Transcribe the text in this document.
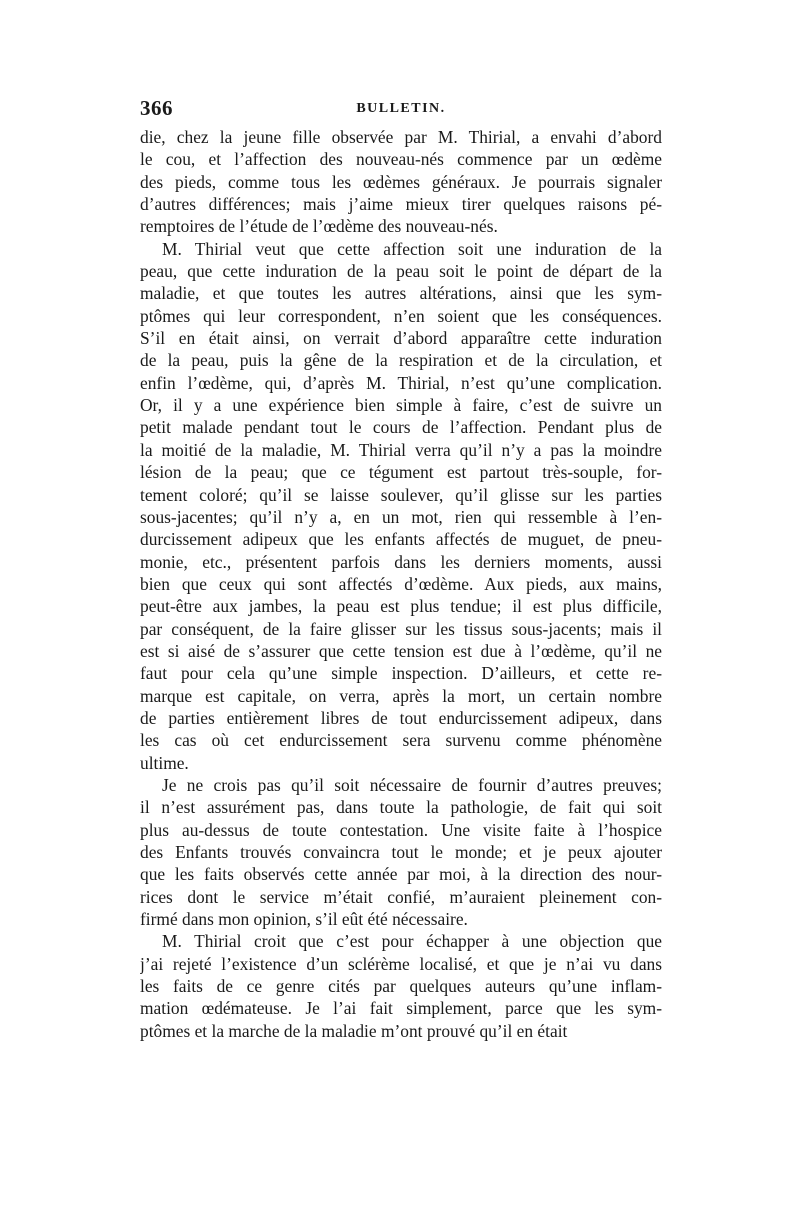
366	BULLETIN.
die, chez la jeune fille observée par M. Thirial, a envahi d’abord
le cou, et l’affection des nouveau-nés commence par un œdème
des pieds, comme tous les œdèmes généraux. Je pourrais signaler
d’autres différences; mais j’aime mieux tirer quelques raisons pé-
remptoires de l’étude de l’œdème des nouveau-nés.
M. Thirial veut que cette affection soit une induration de la
peau, que cette induration de la peau soit le point de départ de la
maladie, et que toutes les autres altérations, ainsi que les sym-
ptômes qui leur correspondent, n’en soient que les conséquences.
S’il en était ainsi, on verrait d’abord apparaître cette induration
de la peau, puis la gêne de la respiration et de la circulation, et
enfin l’œdème, qui, d’après M. Thirial, n’est qu’une complication.
Or, il y a une expérience bien simple à faire, c’est de suivre un
petit malade pendant tout le cours de l’affection. Pendant plus de
la moitié de la maladie, M. Thirial verra qu’il n’y a pas la moindre
lésion de la peau; que ce tégument est partout très-souple, for-
tement coloré; qu’il se laisse soulever, qu’il glisse sur les parties
sous-jacentes; qu’il n’y a, en un mot, rien qui ressemble à l’en-
durcissement adipeux que les enfants affectés de muguet, de pneu-
monie, etc., présentent parfois dans les derniers moments, aussi
bien que ceux qui sont affectés d’œdème. Aux pieds, aux mains,
peut-être aux jambes, la peau est plus tendue; il est plus difficile,
par conséquent, de la faire glisser sur les tissus sous-jacents; mais il
est si aisé de s’assurer que cette tension est due à l’œdème, qu’il ne
faut pour cela qu’une simple inspection. D’ailleurs, et cette re-
marque est capitale, on verra, après la mort, un certain nombre
de parties entièrement libres de tout endurcissement adipeux, dans
les cas où cet endurcissement sera survenu comme phénomène
ultime.
Je ne crois pas qu’il soit nécessaire de fournir d’autres preuves;
il n’est assurément pas, dans toute la pathologie, de fait qui soit
plus au-dessus de toute contestation. Une visite faite à l’hospice
des Enfants trouvés convaincra tout le monde; et je peux ajouter
que les faits observés cette année par moi, à la direction des nour-
rices dont le service m’était confié, m’auraient pleinement con-
firmé dans mon opinion, s’il eût été nécessaire.
M. Thirial croit que c’est pour échapper à une objection que
j’ai rejeté l’existence d’un sclérème localisé, et que je n’ai vu dans
les faits de ce genre cités par quelques auteurs qu’une inflam-
mation œdémateuse. Je l’ai fait simplement, parce que les sym-
ptômes et la marche de la maladie m’ont prouvé qu’il en était
